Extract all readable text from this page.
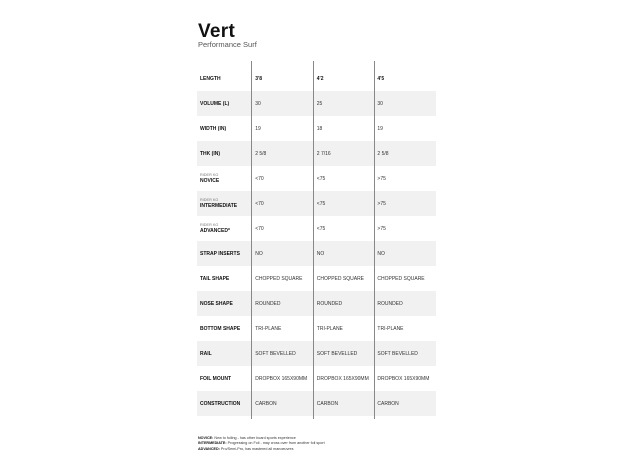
Vert
Performance Surf
LENGTH	3'8	4'2	4'5
VOLUME (L)	30	25	30
WIDTH (IN)	19	18	19
THK (IN)	2 5/8	2 7/16	2 5/8

RIDER KG
NOVICE	<70	<75	>75

RIDER KG
INTERMEDIATE	<70	<75	>75

RIDER KG
ADVANCED*	<70	<75	>75
STRAP INSERTS	NO	NO	NO
TAIL SHAPE	CHOPPED SQUARE	CHOPPED SQUARE	CHOPPED SQUARE
NOSE SHAPE	ROUNDED	ROUNDED	ROUNDED
BOTTOM SHAPE	TRI-PLANE	TRI-PLANE	TRI-PLANE
RAIL	SOFT BEVELLED	SOFT BEVELLED	SOFT BEVELLED
FOIL MOUNT	DROPBOX 165X90MM	DROPBOX 165X90MM	DROPBOX 165X90MM
CONSTRUCTION	CARBON	CARBON	CARBON
NOVICE: New to foiling - has other board sports experience
INTERMEDIATE: Progressing on Foil - may cross over from another foil sport
ADVANCED: Pro/Semi-Pro, has mastered all manoeuvres
